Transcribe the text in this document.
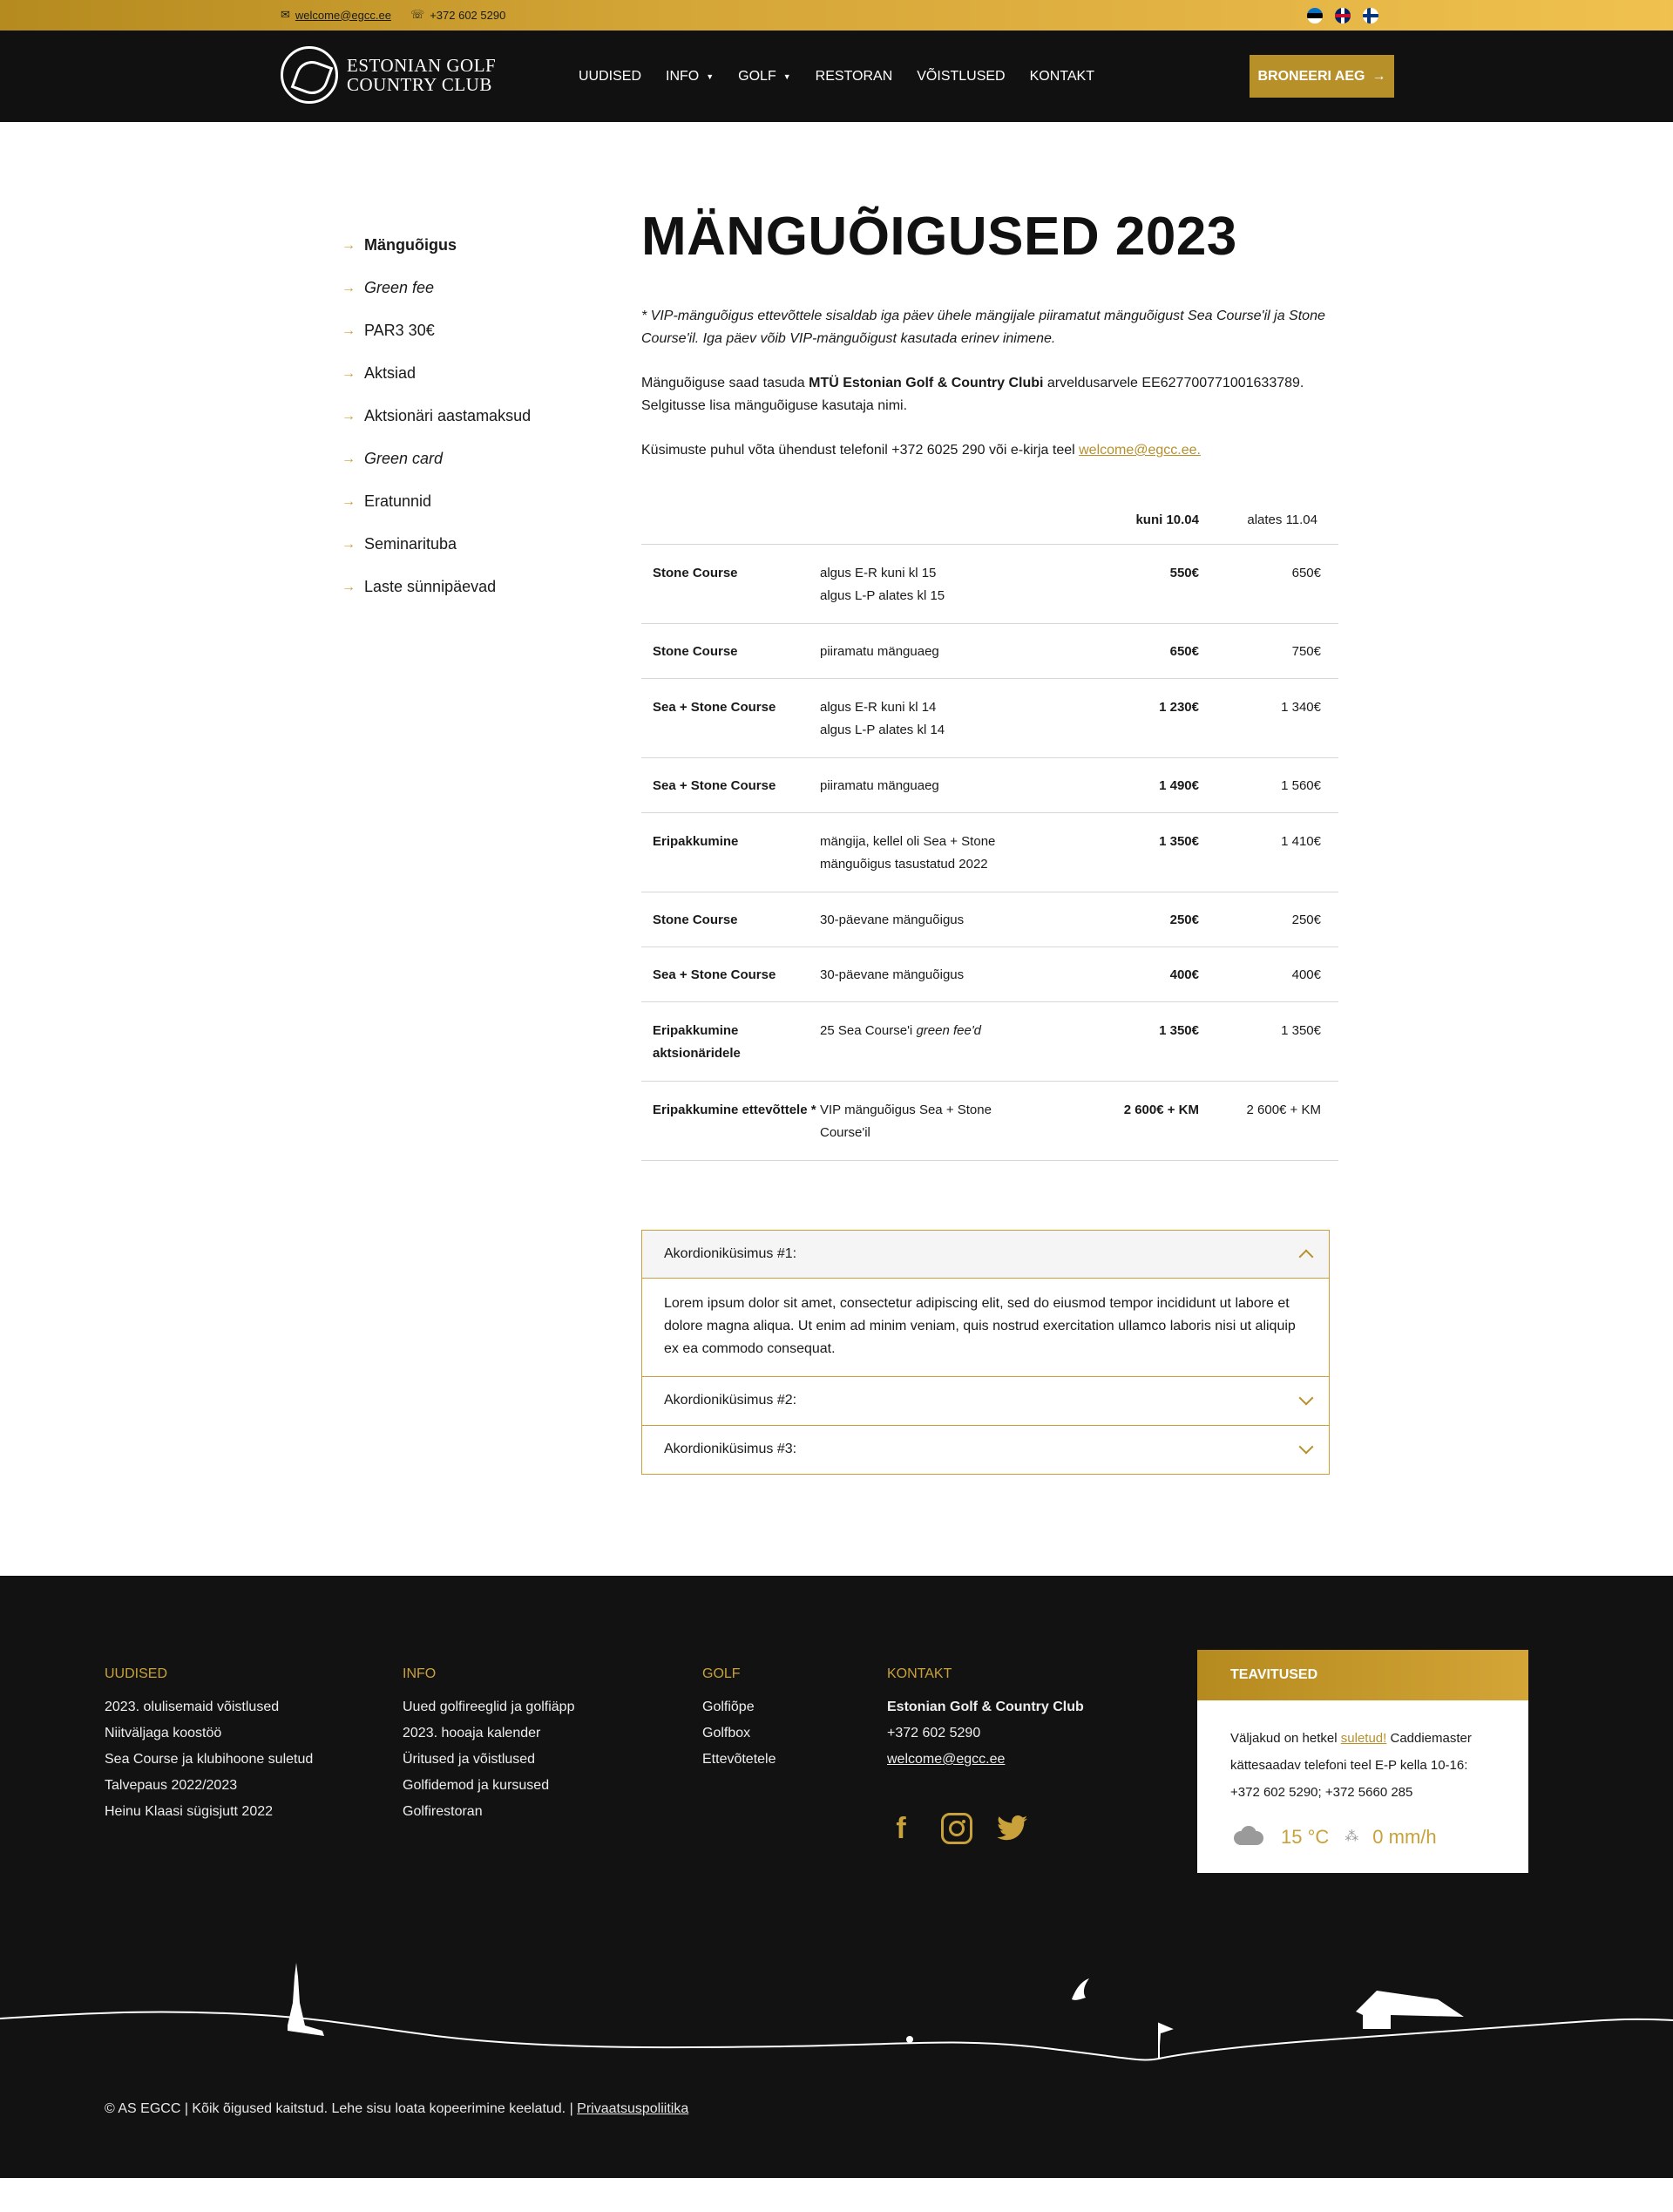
✉ welcome@egcc.ee ☏ +372 602 5290
ESTONIAN GOLF
COUNTRY CLUB	UUDISED INFO ▼ GOLF ▼ RESTORAN VÕISTLUSED KONTAKT	BRONEERI AEG →
→ Mänguõigus
→ Green fee
→ PAR3 30€
→ Aktsiad
→ Aktsionäri aastamaksud
→ Green card
→ Eratunnid
→ Seminarituba
→ Laste sünnipäevad
MÄNGUÕIGUSED 2023

* VIP-mänguõigus ettevõttele sisaldab iga päev ühele mängijale piiramatut mänguõigust Sea Course'il ja Stone Course'il. Iga päev võib VIP-mänguõigust kasutada erinev inimene.

Mänguõiguse saad tasuda MTÜ Estonian Golf & Country Clubi arveldusarvele EE627700771001633789. Selgitusse lisa mänguõiguse kasutaja nimi.

Küsimuste puhul võta ühendust telefonil +372 6025 290 või e-kirja teel welcome@egcc.ee.

		kuni 10.04	alates 11.04
Stone Course	algus E-R kuni kl 15
algus L-P alates kl 15	550€	650€
Stone Course	piiramatu mänguaeg	650€	750€
Sea + Stone Course	algus E-R kuni kl 14
algus L-P alates kl 14	1 230€	1 340€
Sea + Stone Course	piiramatu mänguaeg	1 490€	1 560€
Eripakkumine	mängija, kellel oli Sea + Stone
mänguõigus tasustatud 2022	1 350€	1 410€
Stone Course	30-päevane mänguõigus	250€	250€
Sea + Stone Course	30-päevane mänguõigus	400€	400€
Eripakkumine aktsionäridele	25 Sea Course'i green fee'd	1 350€	1 350€
Eripakkumine ettevõttele *	VIP mänguõigus Sea + Stone
Course'il	2 600€ + KM	2 600€ + KM
Akordioniküsimus #1:
Lorem ipsum dolor sit amet, consectetur adipiscing elit, sed do eiusmod tempor incididunt ut labore et dolore magna aliqua. Ut enim ad minim veniam, quis nostrud exercitation ullamco laboris nisi ut aliquip ex ea commodo consequat.
Akordioniküsimus #2:
Akordioniküsimus #3:
UUDISED
2023. olulisemaid võistlused
Niitväljaga koostöö
Sea Course ja klubihoone suletud
Talvepaus 2022/2023
Heinu Klaasi sügisjutt 2022
INFO
Uued golfireeglid ja golfiäpp
2023. hooaja kalender
Üritused ja võistlused
Golfidemod ja kursused
Golfirestoran
GOLF
Golfiõpe
Golfbox
Ettevõtetele
KONTAKT
Estonian Golf & Country Club
+372 602 5290
welcome@egcc.ee
f
TEAVITUSED
Väljakud on hetkel suletud! Caddiemaster kättesaadav telefoni teel E-P kella 10-16: +372 602 5290; +372 5660 285
15 °C ⁂ 0 mm/h
© AS EGCC | Kõik õigused kaitstud. Lehe sisu loata kopeerimine keelatud. | Privaatsuspoliitika
